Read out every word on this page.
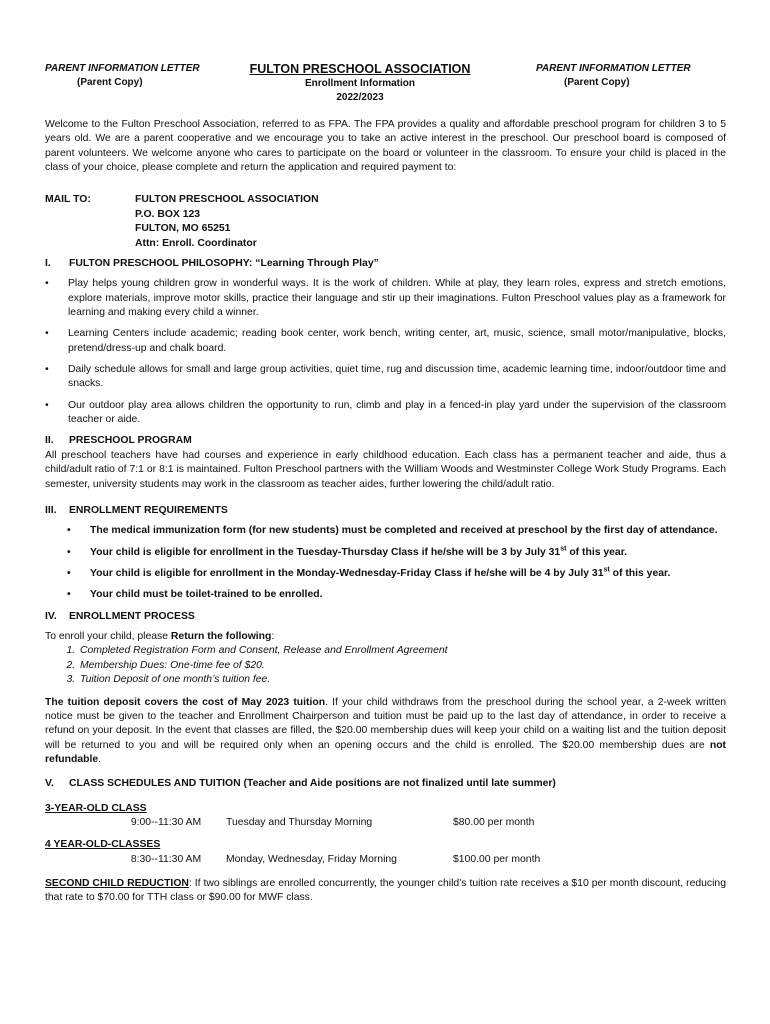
PARENT INFORMATION LETTER
(Parent Copy)
FULTON PRESCHOOL ASSOCIATION
Enrollment Information
2022/2023
PARENT INFORMATION LETTER
(Parent Copy)

Welcome to the Fulton Preschool Association, referred to as FPA. The FPA provides a quality and affordable preschool program for children 3 to 5 years old. We are a parent cooperative and we encourage you to take an active interest in the preschool. Our preschool board is composed of parent volunteers. We welcome anyone who cares to participate on the board or volunteer in the classroom. To ensure your child is placed in the class of your choice, please complete and return the application and required payment to:

MAIL TO:	FULTON PRESCHOOL ASSOCIATION
P.O. BOX 123
FULTON, MO 65251
Attn: Enroll. Coordinator
I.	FULTON PRESCHOOL PHILOSOPHY: “Learning Through Play”
• Play helps young children grow in wonderful ways. It is the work of children. While at play, they learn roles, express and stretch emotions, explore materials, improve motor skills, practice their language and stir up their imaginations. Fulton Preschool values play as a framework for learning and making every child a winner.
• Learning Centers include academic; reading book center, work bench, writing center, art, music, science, small motor/manipulative, blocks, pretend/dress-up and chalk board.
• Daily schedule allows for small and large group activities, quiet time, rug and discussion time, academic learning time, indoor/outdoor time and snacks.
• Our outdoor play area allows children the opportunity to run, climb and play in a fenced-in play yard under the supervision of the classroom teacher or aide.
II.	PRESCHOOL PROGRAM

All preschool teachers have had courses and experience in early childhood education. Each class has a permanent teacher and aide, thus a child/adult ratio of 7:1 or 8:1 is maintained. Fulton Preschool partners with the William Woods and Westminster College Work Study Programs. Each semester, university students may work in the classroom as teacher aides, further lowering the child/adult ratio.

III.	ENROLLMENT REQUIREMENTS
• The medical immunization form (for new students) must be completed and received at preschool by the first day of attendance.
• Your child is eligible for enrollment in the Tuesday-Thursday Class if he/she will be 3 by July 31st of this year.
• Your child is eligible for enrollment in the Monday-Wednesday-Friday Class if he/she will be 4 by July 31st of this year.
• Your child must be toilet-trained to be enrolled.
IV.	ENROLLMENT PROCESS

To enroll your child, please Return the following:

1. Completed Registration Form and Consent, Release and Enrollment Agreement
2. Membership Dues: One-time fee of $20.
3. Tuition Deposit of one month’s tuition fee.

The tuition deposit covers the cost of May 2023 tuition. If your child withdraws from the preschool during the school year, a 2-week written notice must be given to the teacher and Enrollment Chairperson and tuition must be paid up to the last day of attendance, in order to receive a refund on your deposit. In the event that classes are filled, the $20.00 membership dues will keep your child on a waiting list and the tuition deposit will be returned to you and will be required only when an opening occurs and the child is enrolled. The $20.00 membership dues are not refundable.

V.	CLASS SCHEDULES AND TUITION (Teacher and Aide positions are not finalized until late summer)
3-YEAR-OLD CLASS
9:00--11:30 AM	Tuesday and Thursday Morning	$80.00 per month
4 YEAR-OLD-CLASSES
8:30--11:30 AM	Monday, Wednesday, Friday Morning	$100.00 per month

SECOND CHILD REDUCTION: If two siblings are enrolled concurrently, the younger child’s tuition rate receives a $10 per month discount, reducing that rate to $70.00 for TTH class or $90.00 for MWF class.
